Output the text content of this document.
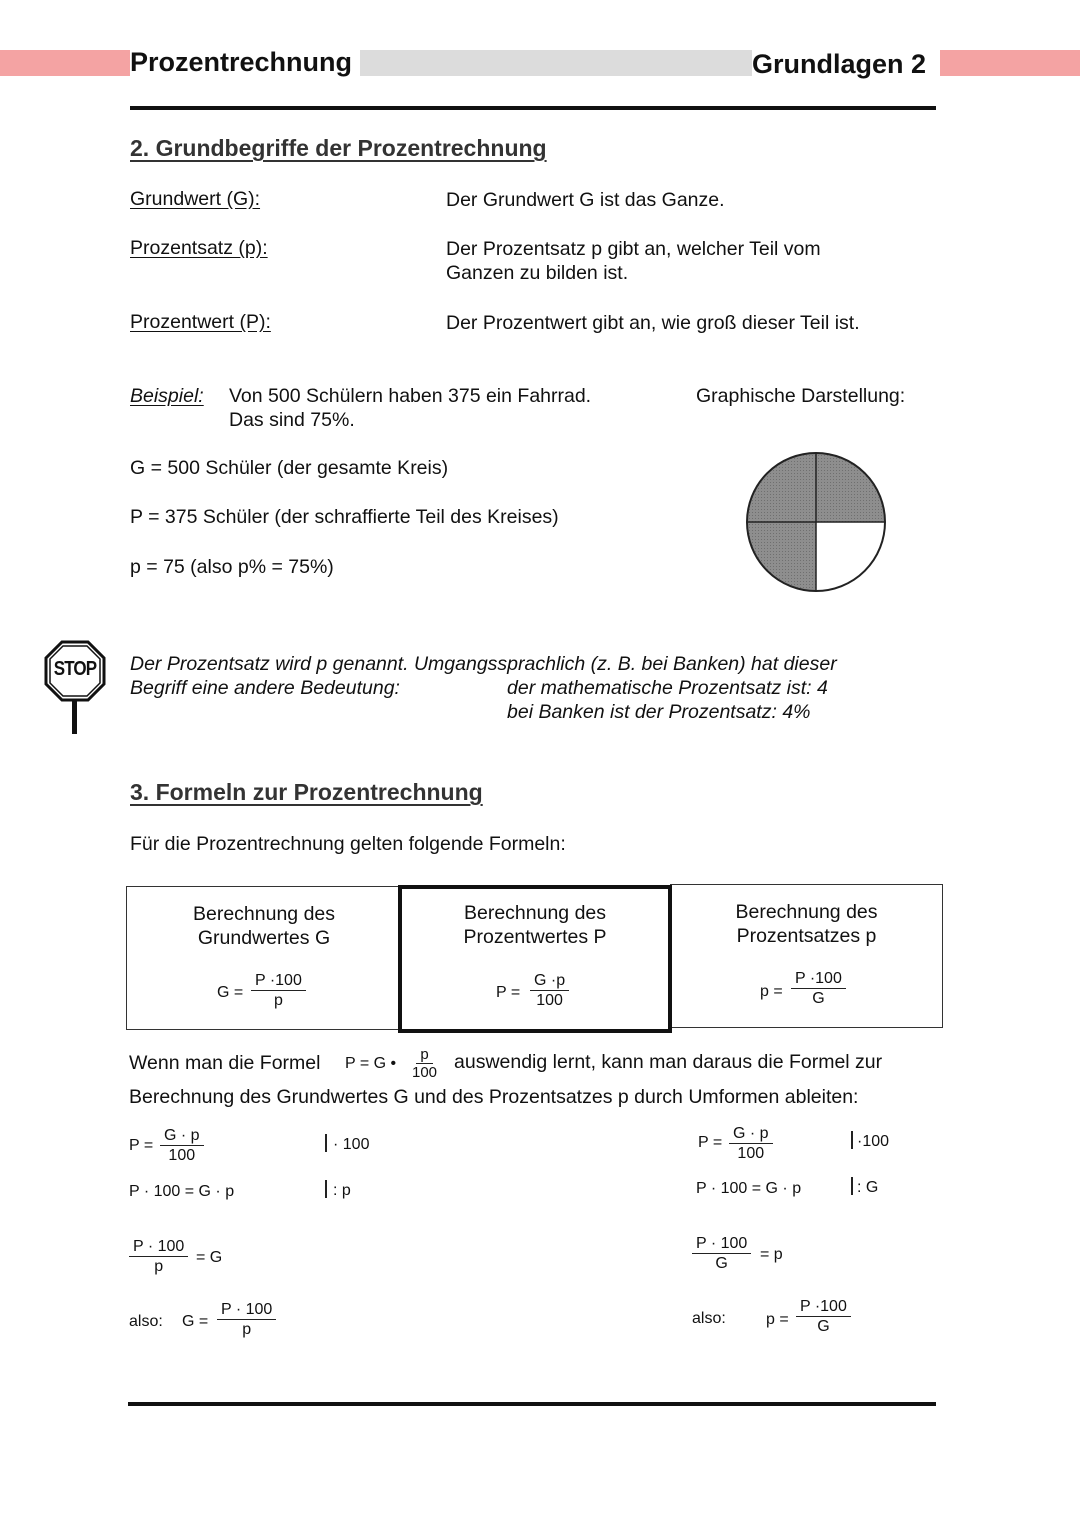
Prozentrechnung	Grundlagen 2
2. Grundbegriffe der Prozentrechnung
Grundwert (G):	Der Grundwert G ist das Ganze.
Prozentsatz (p):	Der Prozentsatz p gibt an, welcher Teil vom
Ganzen zu bilden ist.
Prozentwert (P):	Der Prozentwert gibt an, wie groß dieser Teil ist.
Beispiel: Von 500 Schülern haben 375 ein Fahrrad.
Das sind 75%.
Graphische Darstellung:
G = 500 Schüler (der gesamte Kreis)
P = 375 Schüler (der schraffierte Teil des Kreises)
p = 75 (also p% = 75%)
STOP Der Prozentsatz wird p genannt. Umgangssprachlich (z. B. bei Banken) hat dieser
Begriff eine andere Bedeutung:	der mathematische Prozentsatz ist: 4
bei Banken ist der Prozentsatz: 4%
3. Formeln zur Prozentrechnung
Für die Prozentrechnung gelten folgende Formeln:
Berechnung des
Grundwertes G
$G = \frac{P \cdot 100}{p}$
Berechnung des
Prozentsatzes p
$p = \frac{P \cdot 100}{G}$
Berechnung des
Prozentwertes P
$P = \frac{G \cdot p}{100}$
Wenn man die Formel P = G • $\frac{p}{100}$ auswendig lernt, kann man daraus die Formel zur
Berechnung des Grundwertes G und des Prozentsatzes p durch Umformen ableiten:
$P = \frac{G \cdot p}{100}$	· 100
P · 100 = G · p	: p
$\frac{P \cdot 100}{p} = G$
also: $G = \frac{P \cdot 100}{p}$
$P = \frac{G \cdot p}{100}$	·100
P · 100 = G · p	: G
$\frac{P \cdot 100}{G} = p$
also:	$p = \frac{P \cdot 100}{G}$
